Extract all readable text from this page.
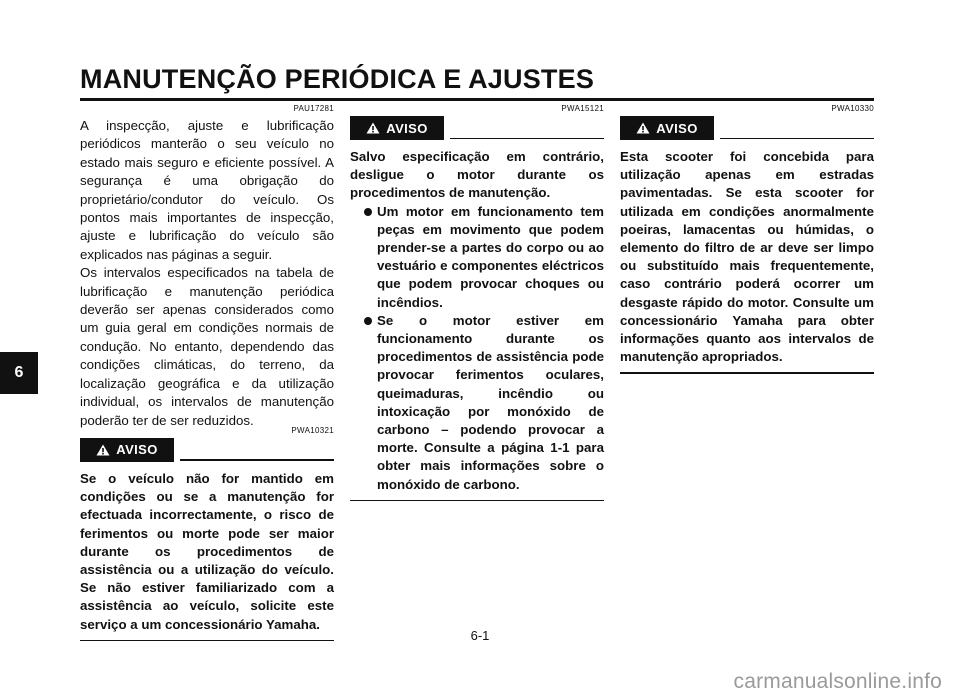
MANUTENÇÃO PERIÓDICA E AJUSTES
6
PAU17281

A inspecção, ajuste e lubrificação periódicos manterão o seu veículo no estado mais seguro e eficiente possível. A segurança é uma obrigação do proprietário/condutor do veículo. Os pontos mais importantes de inspecção, ajuste e lubrificação do veículo são explicados nas páginas a seguir.

Os intervalos especificados na tabela de lubrificação e manutenção periódica deverão ser apenas considerados como um guia geral em condições normais de condução. No entanto, dependendo das condições climáticas, do terreno, da localização geográfica e da utilização individual, os intervalos de manutenção poderão ter de ser reduzidos.

PWA10321
AVISO
Se o veículo não for mantido em condições ou se a manutenção for efectuada incorrectamente, o risco de ferimentos ou morte pode ser maior durante os procedimentos de assistência ou a utilização do veículo. Se não estiver familiarizado com a assistência ao veículo, solicite este serviço a um concessionário Yamaha.
PWA15121
AVISO
Salvo especificação em contrário, desligue o motor durante os procedimentos de manutenção.
Um motor em funcionamento tem peças em movimento que podem prender-se a partes do corpo ou ao vestuário e componentes eléctricos que podem provocar choques ou incêndios.
Se o motor estiver em funcionamento durante os procedimentos de assistência pode provocar ferimentos oculares, queimaduras, incêndio ou intoxicação por monóxido de carbono – podendo provocar a morte. Consulte a página 1-1 para obter mais informações sobre o monóxido de carbono.
PWA10330
AVISO
Esta scooter foi concebida para utilização apenas em estradas pavimentadas. Se esta scooter for utilizada em condições anormalmente poeiras, lamacentas ou húmidas, o elemento do filtro de ar deve ser limpo ou substituído mais frequentemente, caso contrário poderá ocorrer um desgaste rápido do motor. Consulte um concessionário Yamaha para obter informações quanto aos intervalos de manutenção apropriados.
6-1
carmanualsonline.info
